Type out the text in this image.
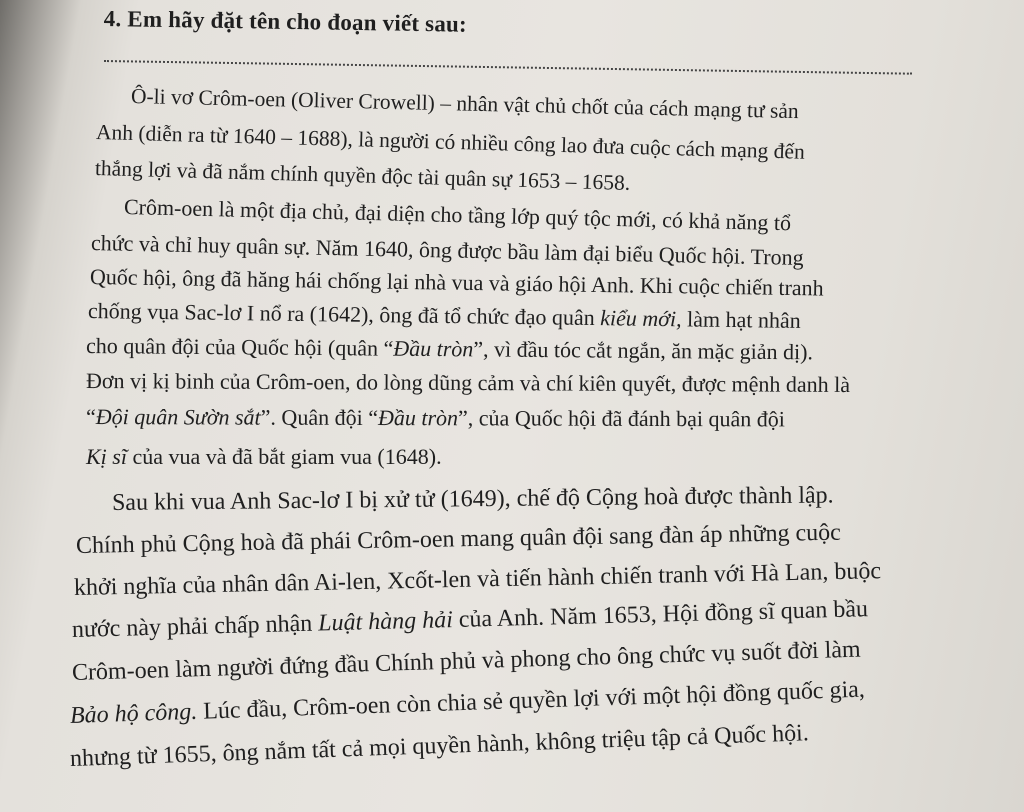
4. Em hãy đặt tên cho đoạn viết sau:
Ô-li vơ Crôm-oen (Oliver Crowell) – nhân vật chủ chốt của cách mạng tư sản
Anh (diễn ra từ 1640 – 1688), là người có nhiều công lao đưa cuộc cách mạng đến
thắng lợi và đã nắm chính quyền độc tài quân sự 1653 – 1658.
Crôm-oen là một địa chủ, đại diện cho tầng lớp quý tộc mới, có khả năng tổ
chức và chỉ huy quân sự. Năm 1640, ông được bầu làm đại biểu Quốc hội. Trong
Quốc hội, ông đã hăng hái chống lại nhà vua và giáo hội Anh. Khi cuộc chiến tranh
chống vụa Sac-lơ I nổ ra (1642), ông đã tổ chức đạo quân kiểu mới, làm hạt nhân
cho quân đội của Quốc hội (quân “Đầu tròn”, vì đầu tóc cắt ngắn, ăn mặc giản dị).
Đơn vị kị binh của Crôm-oen, do lòng dũng cảm và chí kiên quyết, được mệnh danh là
“Đội quân Sườn sắt”. Quân đội “Đầu tròn”, của Quốc hội đã đánh bại quân đội
Kị sĩ của vua và đã bắt giam vua (1648).
Sau khi vua Anh Sac-lơ I bị xử tử (1649), chế độ Cộng hoà được thành lập.
Chính phủ Cộng hoà đã phái Crôm-oen mang quân đội sang đàn áp những cuộc
khởi nghĩa của nhân dân Ai-len, Xcốt-len và tiến hành chiến tranh với Hà Lan, buộc
nước này phải chấp nhận Luật hàng hải của Anh. Năm 1653, Hội đồng sĩ quan bầu
Crôm-oen làm người đứng đầu Chính phủ và phong cho ông chức vụ suốt đời làm
Bảo hộ công. Lúc đầu, Crôm-oen còn chia sẻ quyền lợi với một hội đồng quốc gia,
nhưng từ 1655, ông nắm tất cả mọi quyền hành, không triệu tập cả Quốc hội.
